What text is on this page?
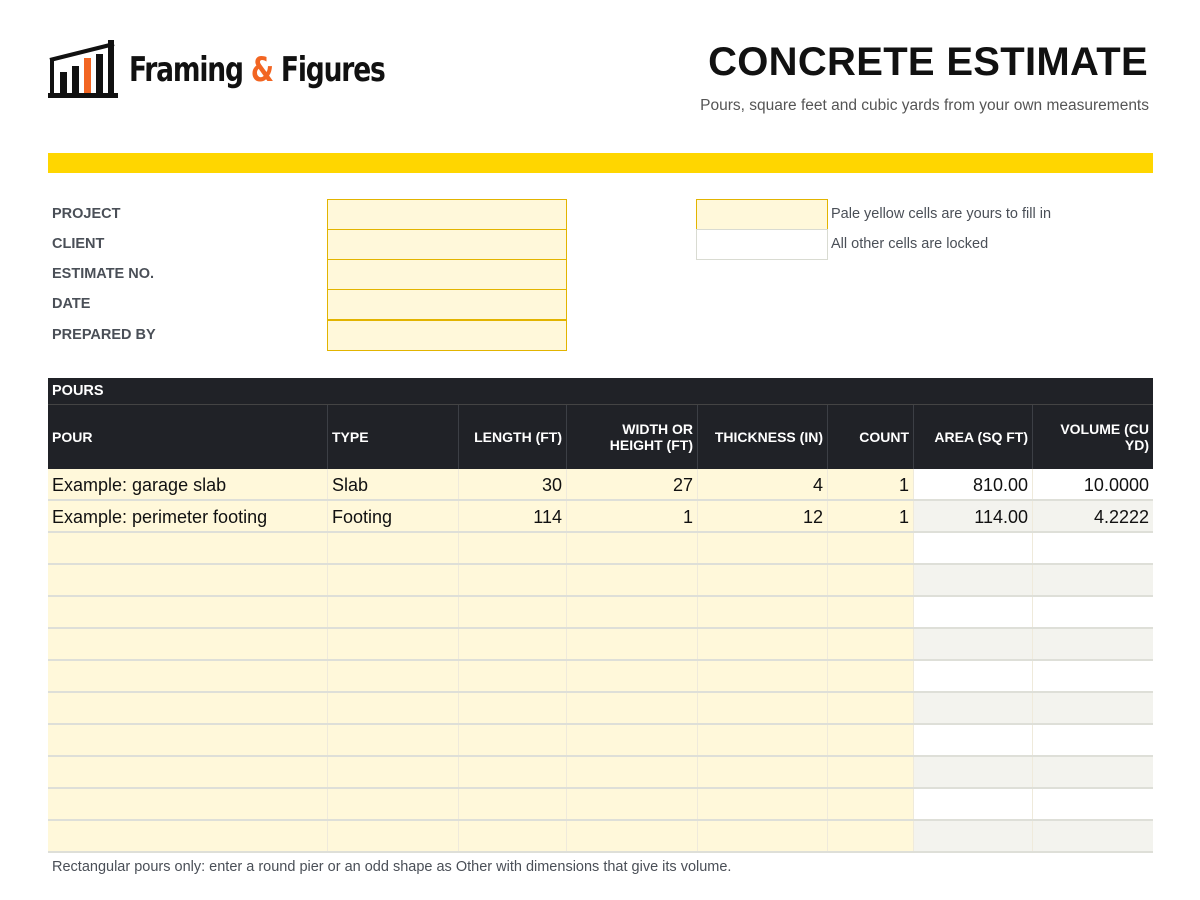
Framing & Figures	CONCRETE ESTIMATE
Pours, square feet and cubic yards from your own measurements
PROJECT
CLIENT
ESTIMATE NO.
DATE
PREPARED BY
Pale yellow cells are yours to fill in
All other cells are locked
POURS
POUR	TYPE	LENGTH (FT)	WIDTH OR HEIGHT (FT)	THICKNESS (IN)	COUNT	AREA (SQ FT)	VOLUME (CU YD)
Example: garage slab	Slab	30	27	4	1	810.00	10.0000
Example: perimeter footing	Footing	114	1	12	1	114.00	4.2222
Rectangular pours only: enter a round pier or an odd shape as Other with dimensions that give its volume.
